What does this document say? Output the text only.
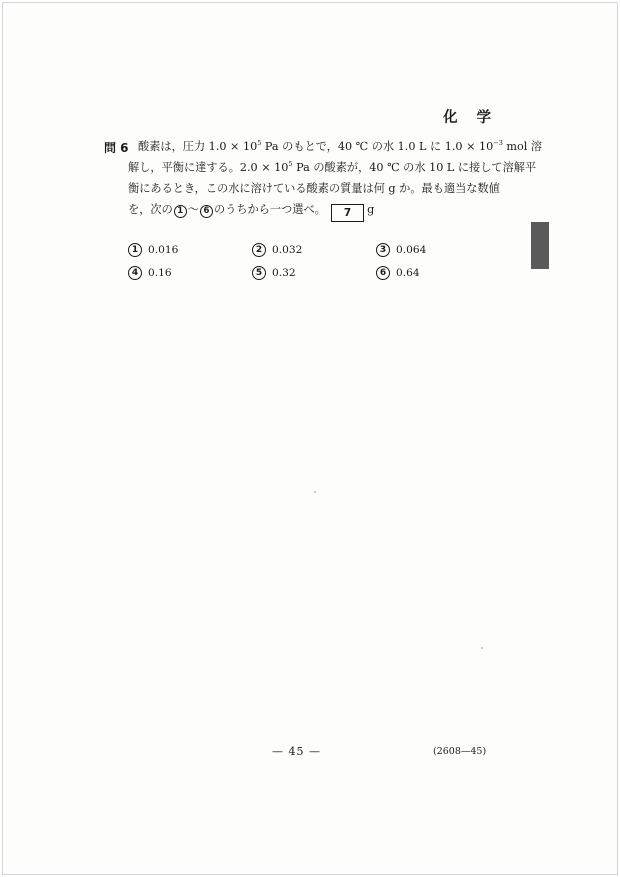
化 学
問 6 酸素は，圧力 $1.0 \times 10^5$ Pa のもとで，40 ℃ の水 1.0 L に $1.0 \times 10^{-3}$ mol 溶
解し，平衡に達する。$2.0 \times 10^5$ Pa の酸素が，40 ℃ の水 10 L に接して溶解平
衡にあるとき，この水に溶けている酸素の質量は何 g か。最も適当な数値
を，次の 1 〜 6 のうちから一つ選べ。 7 g
1 0.016	2 0.032	3 0.064
4 0.16	5 0.32	6 0.64
— 45 —	(2608—45)
